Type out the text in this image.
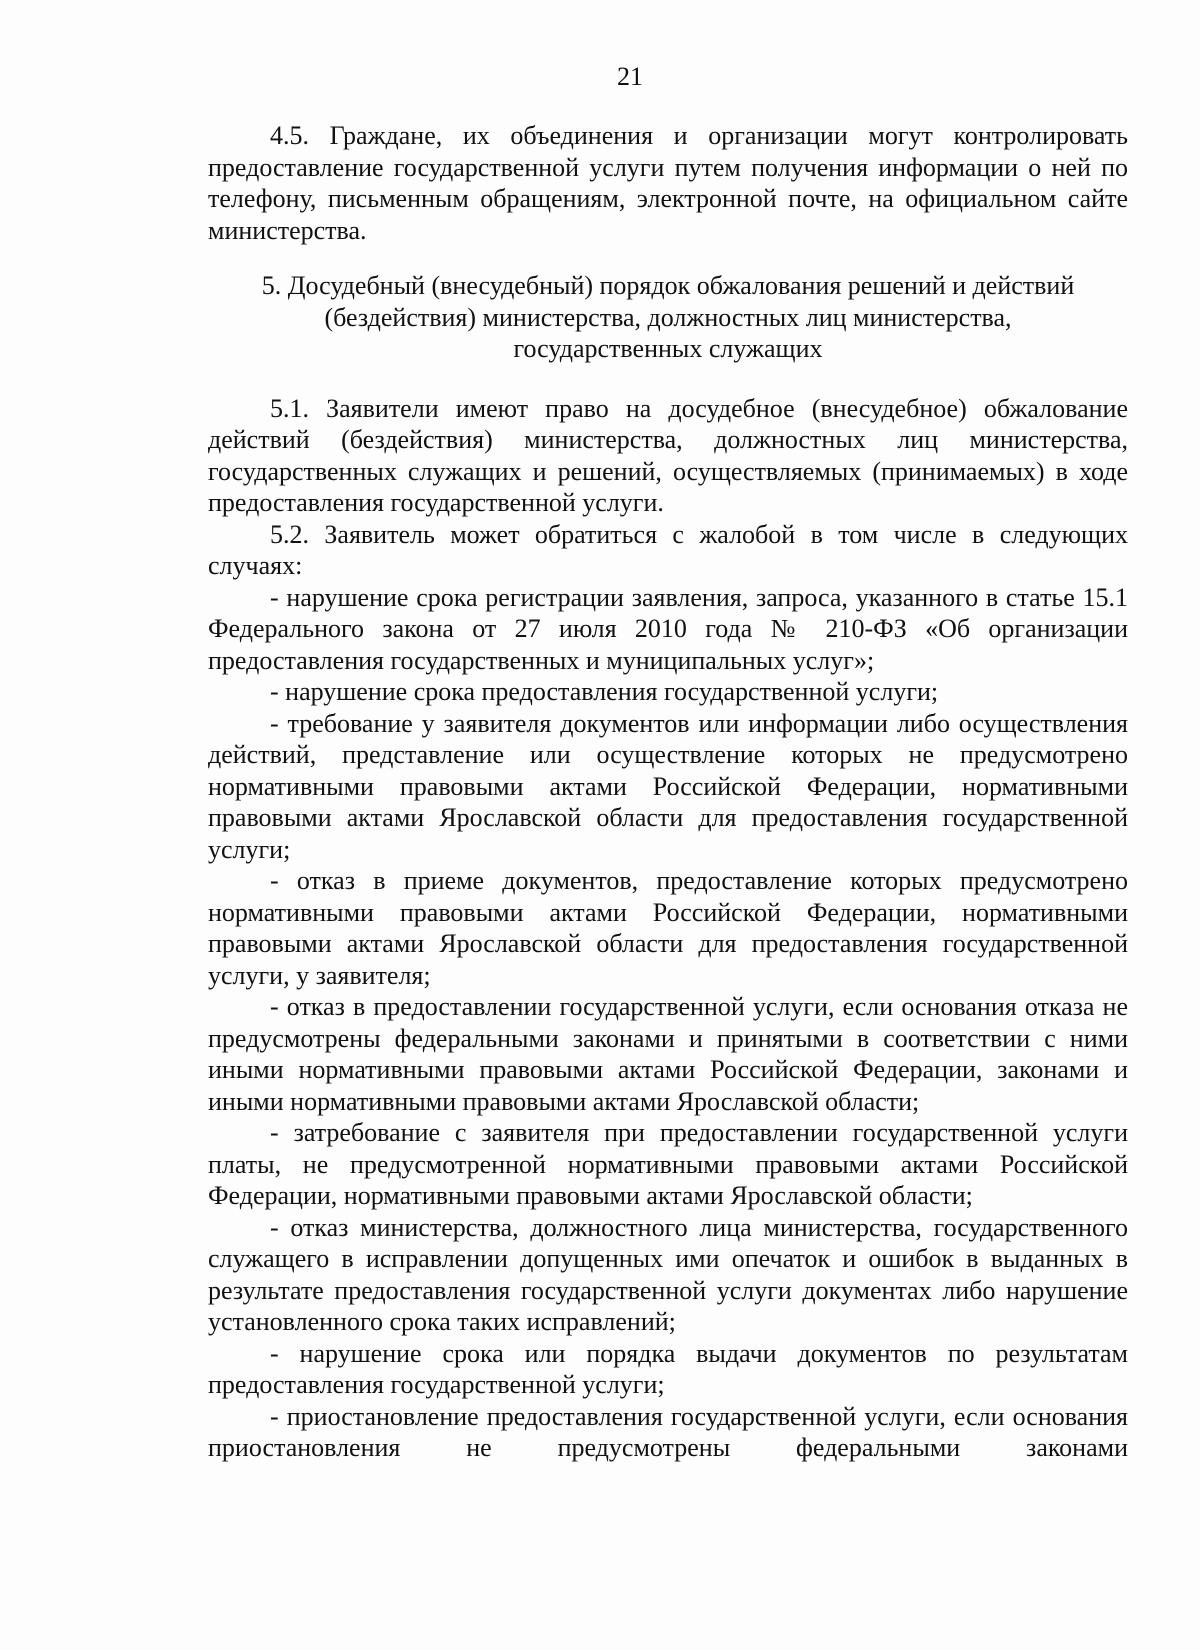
21

4.5. Граждане, их объединения и организации могут контролировать предоставление государственной услуги путем получения информации о ней по телефону, письменным обращениям, электронной почте, на официальном сайте министерства.

5. Досудебный (внесудебный) порядок обжалования решений и действий
(бездействия) министерства, должностных лиц министерства,
государственных служащих

5.1. Заявители имеют право на досудебное (внесудебное) обжалование действий (бездействия) министерства, должностных лиц министерства, государственных служащих и решений, осуществляемых (принимаемых) в ходе предоставления государственной услуги.

5.2. Заявитель может обратиться с жалобой в том числе в следующих случаях:

- нарушение срока регистрации заявления, запроса, указанного в статье 15.1 Федерального закона от 27 июля 2010 года № 210-ФЗ «Об организации предоставления государственных и муниципальных услуг»;

- нарушение срока предоставления государственной услуги;

- требование у заявителя документов или информации либо осуществления действий, представление или осуществление которых не предусмотрено нормативными правовыми актами Российской Федерации, нормативными правовыми актами Ярославской области для предоставления государственной услуги;

- отказ в приеме документов, предоставление которых предусмотрено нормативными правовыми актами Российской Федерации, нормативными правовыми актами Ярославской области для предоставления государственной услуги, у заявителя;

- отказ в предоставлении государственной услуги, если основания отказа не предусмотрены федеральными законами и принятыми в соответствии с ними иными нормативными правовыми актами Российской Федерации, законами и иными нормативными правовыми актами Ярославской области;

- затребование с заявителя при предоставлении государственной услуги платы, не предусмотренной нормативными правовыми актами Российской Федерации, нормативными правовыми актами Ярославской области;

- отказ министерства, должностного лица министерства, государственного служащего в исправлении допущенных ими опечаток и ошибок в выданных в результате предоставления государственной услуги документах либо нарушение установленного срока таких исправлений;

- нарушение срока или порядка выдачи документов по результатам предоставления государственной услуги;

- приостановление предоставления государственной услуги, если основания приостановления не предусмотрены федеральными законами
